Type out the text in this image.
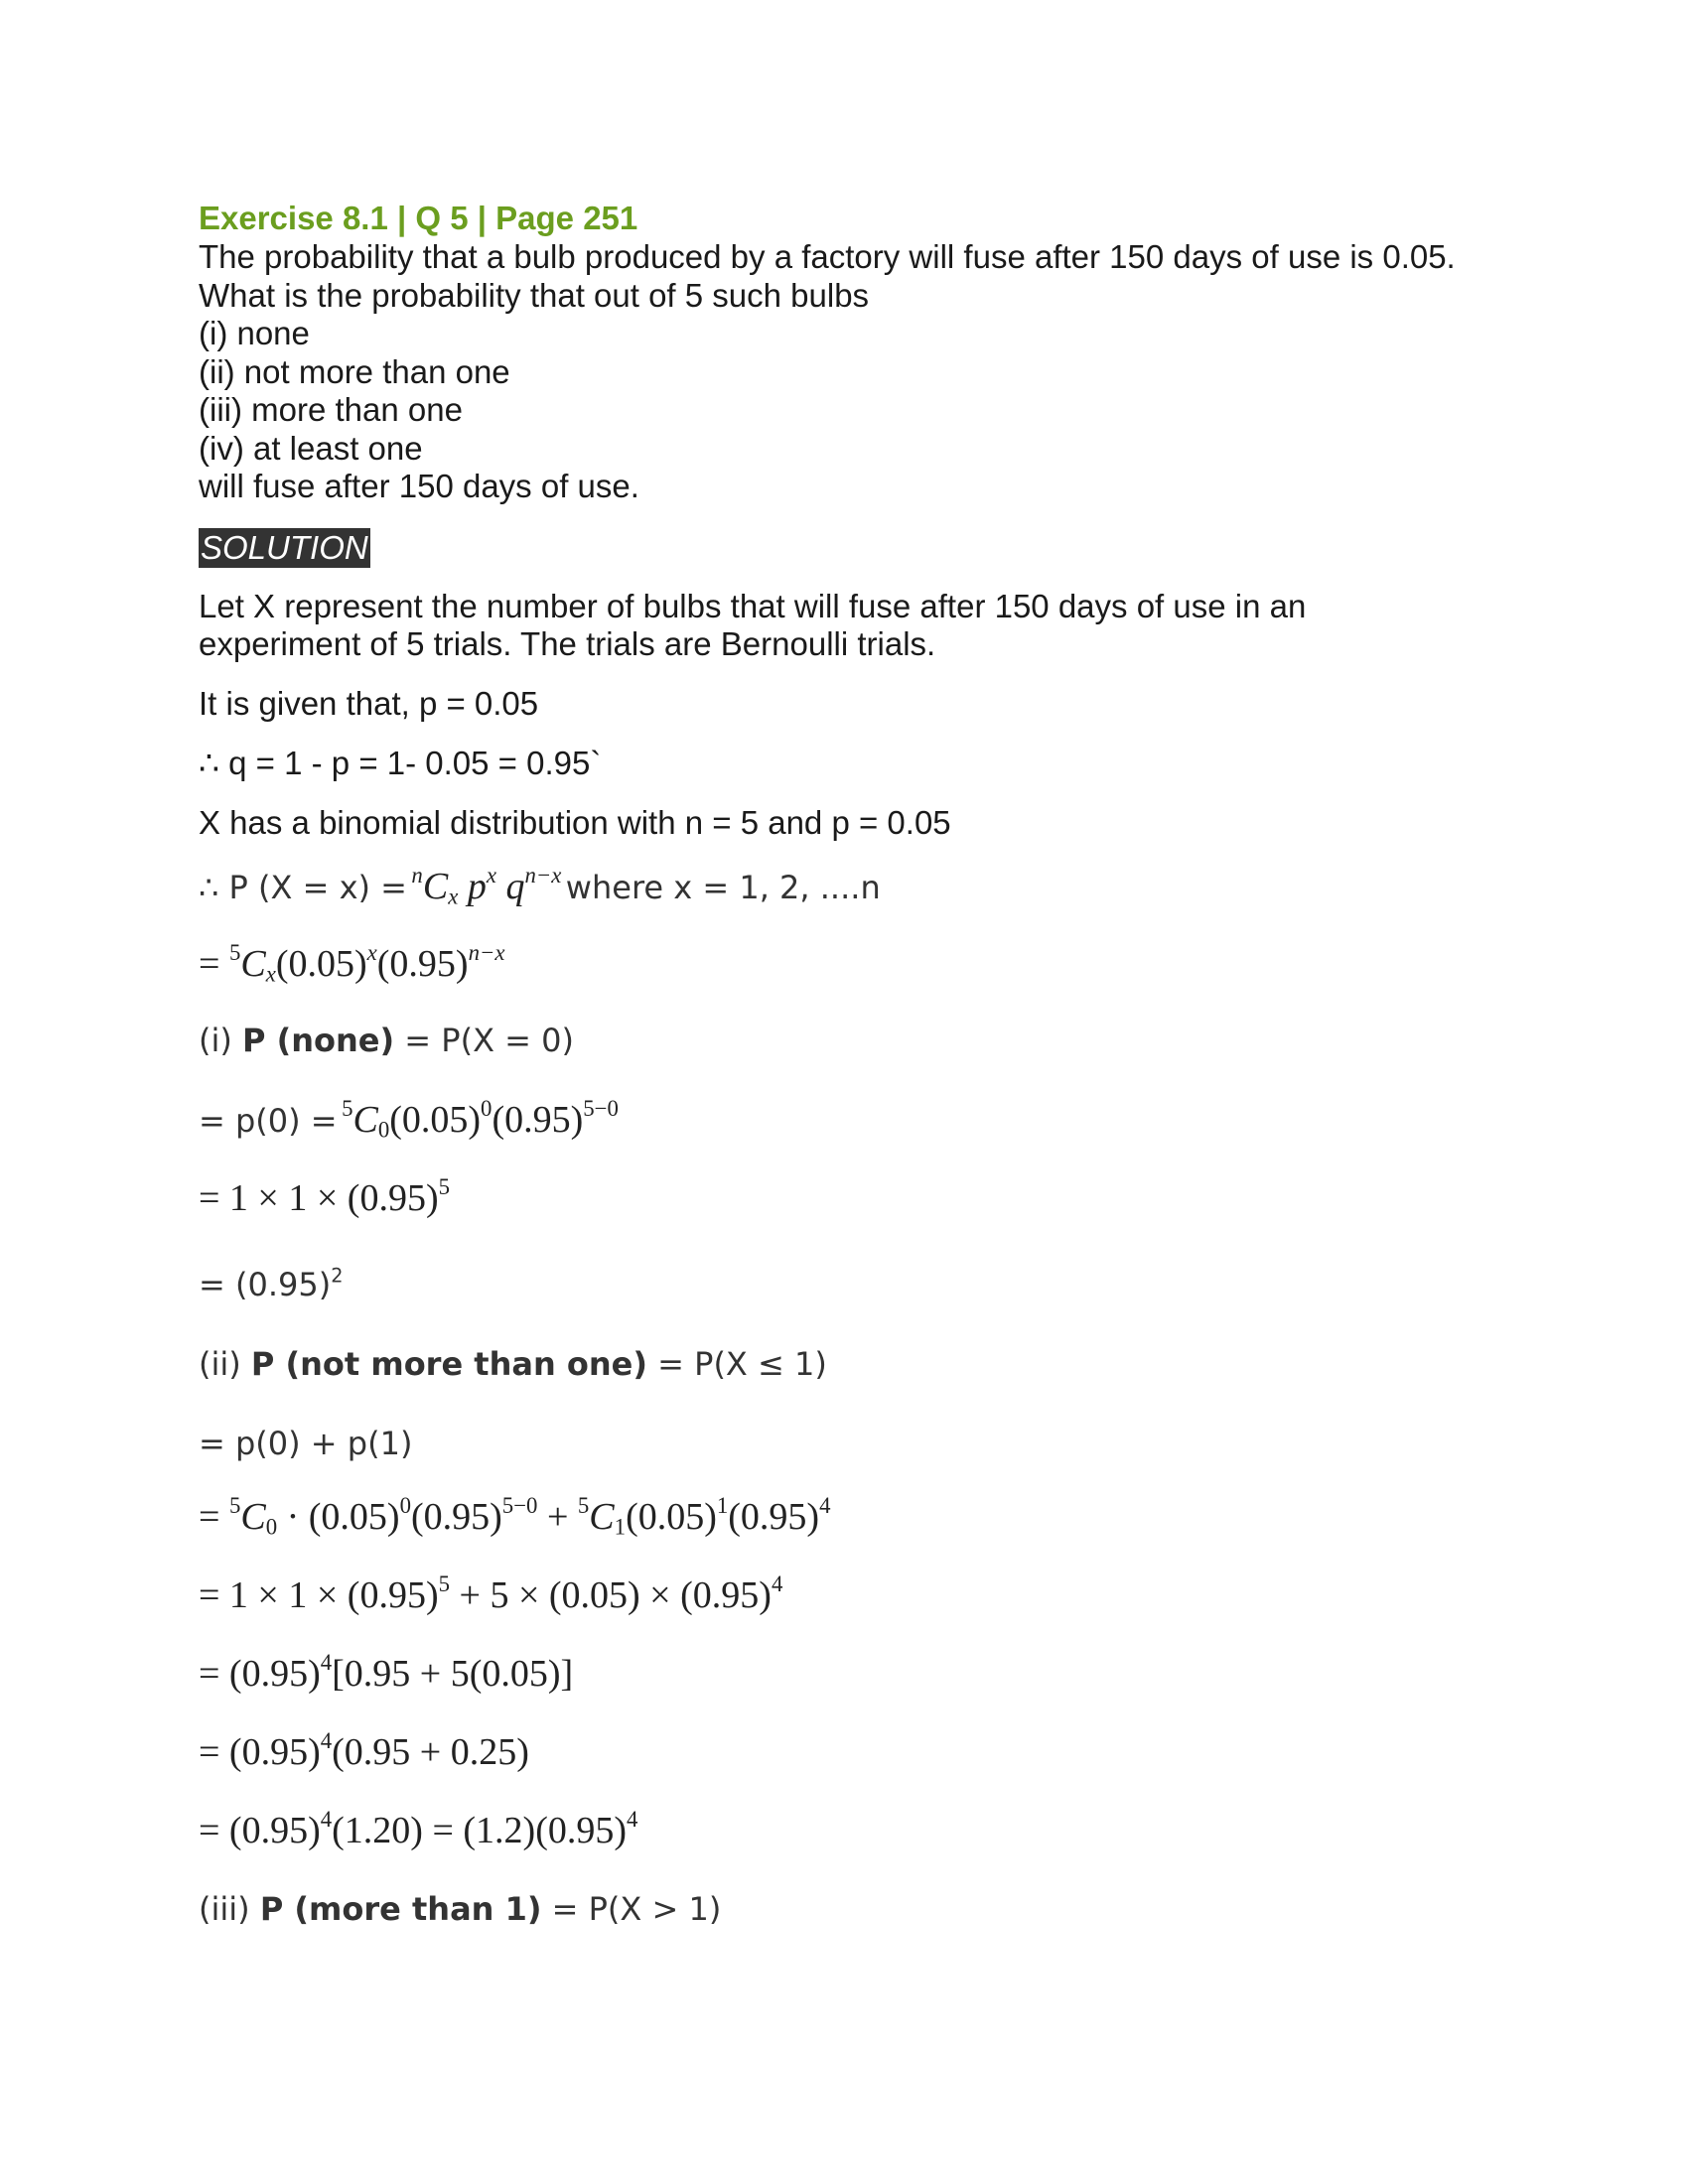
Exercise 8.1 | Q 5 | Page 251
The probability that a bulb produced by a factory will fuse after 150 days of use is 0.05.
What is the probability that out of 5 such bulbs
(i) none
(ii) not more than one
(iii) more than one
(iv) at least one
will fuse after 150 days of use.
SOLUTION
Let X represent the number of bulbs that will fuse after 150 days of use in an experiment of 5 trials. The trials are Bernoulli trials.
It is given that, p = 0.05
∴ q = 1 - p = 1- 0.05 = 0.95`
X has a binomial distribution with n = 5 and p = 0.05
∴ P $(X = x) = ^nC_x$ $p^x$ $q^{n-x}$ where x = 1, 2, ....n
= $^5C_x(0.05)^x(0.95)^{n-x}$
(i) P (none) = P(X = 0)
= $p(0) = ^5C_0(0.05)^0(0.95)^{5-0}$
= $1 \times 1 \times (0.95)^5$
= $(0.95)^2$
(ii) P (not more than one) = P(X ≤ 1)
= p(0) + p(1)
= $^5C_0 \cdot (0.05)^0(0.95)^{5-0} + ^5C_1(0.05)^1(0.95)^4$
= $1 \times 1 \times (0.95)^5 + 5 \times (0.05) \times (0.95)^4$
= $(0.95)^4[0.95 + 5(0.05)]$
= $(0.95)^4(0.95 + 0.25)$
= $(0.95)^4(1.20) = (1.2)(0.95)^4$
(iii) P (more than 1) = P(X > 1)
